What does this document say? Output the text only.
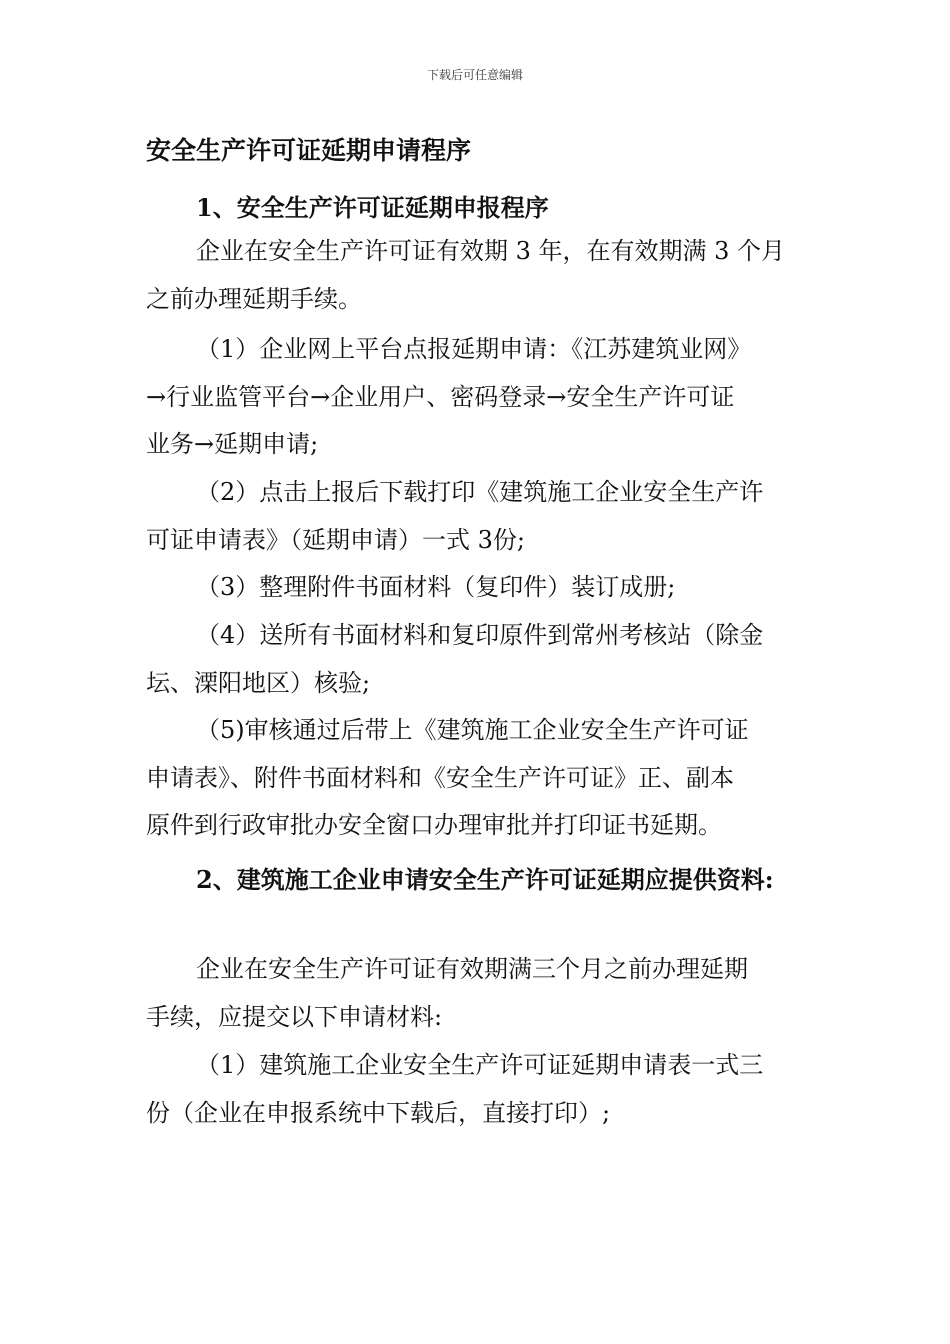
下载后可任意编辑
安全生产许可证延期申请程序
1、安全生产许可证延期申报程序
企业在安全生产许可证有效期 3 年，在有效期满 3 个月
之前办理延期手续。
（1）企业网上平台点报延期申请：《江苏建筑业网》
→行业监管平台→企业用户、密码登录→安全生产许可证
业务→延期申请;
（2）点击上报后下载打印《建筑施工企业安全生产许
可证申请表》（延期申请）一式 3份;
（3）整理附件书面材料（复印件）装订成册;
（4）送所有书面材料和复印原件到常州考核站（除金
坛、溧阳地区）核验;
（5)审核通过后带上《建筑施工企业安全生产许可证
申请表》、附件书面材料和《安全生产许可证》正、副本
原件到行政审批办安全窗口办理审批并打印证书延期。
2、建筑施工企业申请安全生产许可证延期应提供资料:
企业在安全生产许可证有效期满三个月之前办理延期
手续，应提交以下申请材料:
（1）建筑施工企业安全生产许可证延期申请表一式三
份（企业在申报系统中下载后，直接打印）;
